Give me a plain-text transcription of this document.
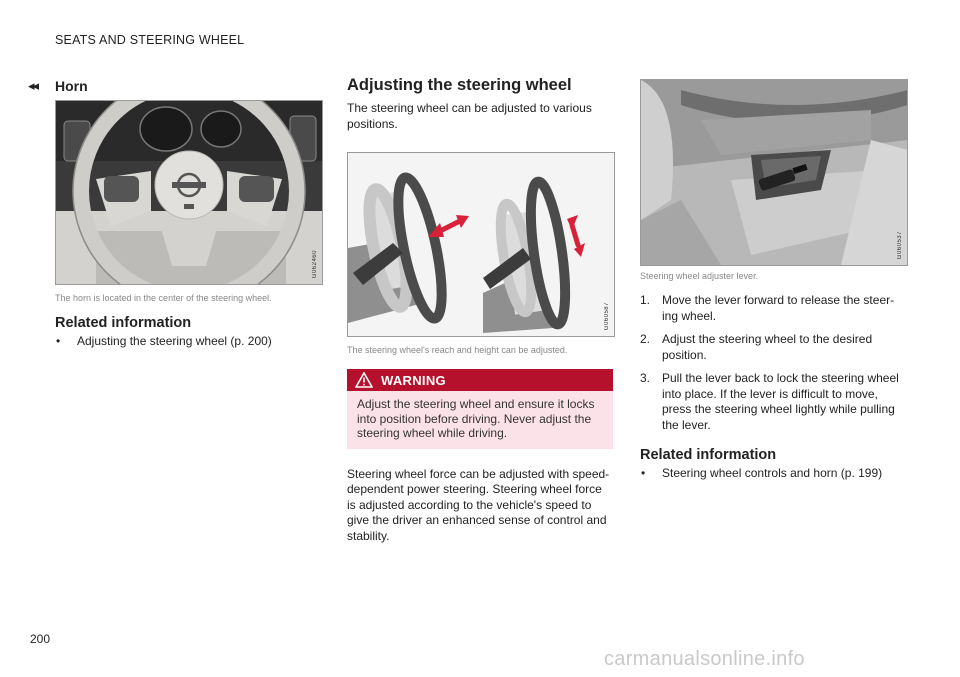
SEATS AND STEERING WHEEL
◂◂ Horn
G062460
The horn is located in the center of the steering wheel.
Related information
• Adjusting the steering wheel (p. 200)
Adjusting the steering wheel

The steering wheel can be adjusted to various positions.

G060587
The steering wheel's reach and height can be adjusted.
WARNING
Adjust the steering wheel and ensure it locks into position before driving. Never adjust the steering wheel while driving.

Steering wheel force can be adjusted with speed-dependent power steering. Steering wheel force is adjusted according to the vehicle's speed to give the driver an enhanced sense of control and stability.

G060537
Steering wheel adjuster lever.
1. Move the lever forward to release the steer-ing wheel.
2. Adjust the steering wheel to the desired position.
3. Pull the lever back to lock the steering wheel into place. If the lever is difficult to move, press the steering wheel lightly while pulling the lever.
Related information
• Steering wheel controls and horn (p. 199)
200
carmanualsonline.info
